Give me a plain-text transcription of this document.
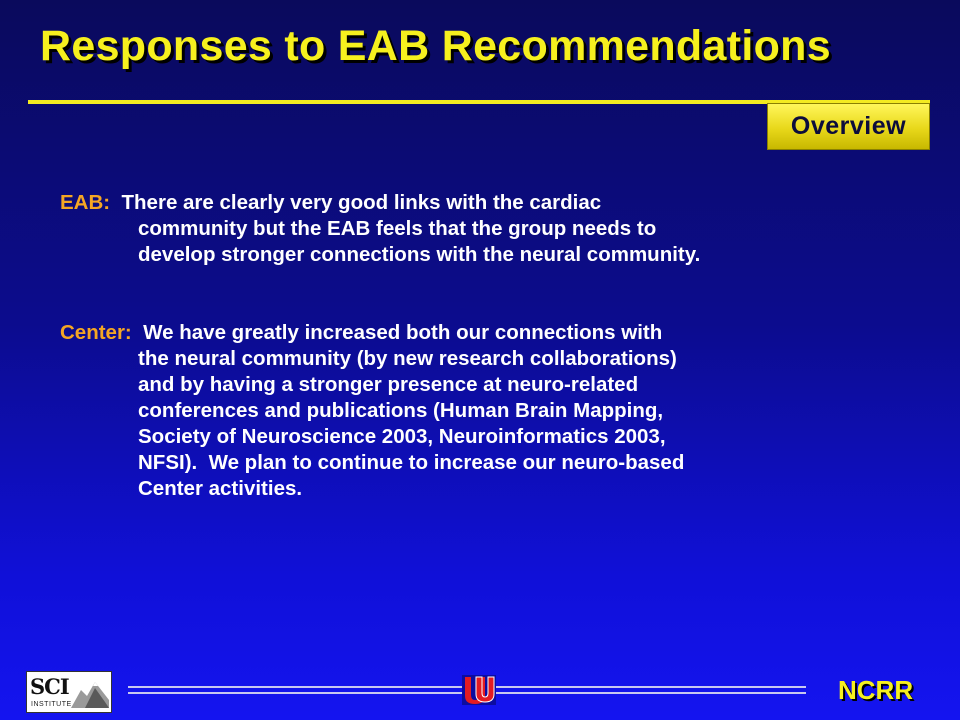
Responses to EAB Recommendations
Overview
EAB: There are clearly very good links with the cardiac
community but the EAB feels that the group needs to
develop stronger connections with the neural community.
Center: We have greatly increased both our connections with
the neural community (by new research collaborations)
and by having a stronger presence at neuro-related
conferences and publications (Human Brain Mapping,
Society of Neuroscience 2003, Neuroinformatics 2003,
NFSI).  We plan to continue to increase our neuro-based
Center activities.
SCI
INSTITUTE	NCRR
